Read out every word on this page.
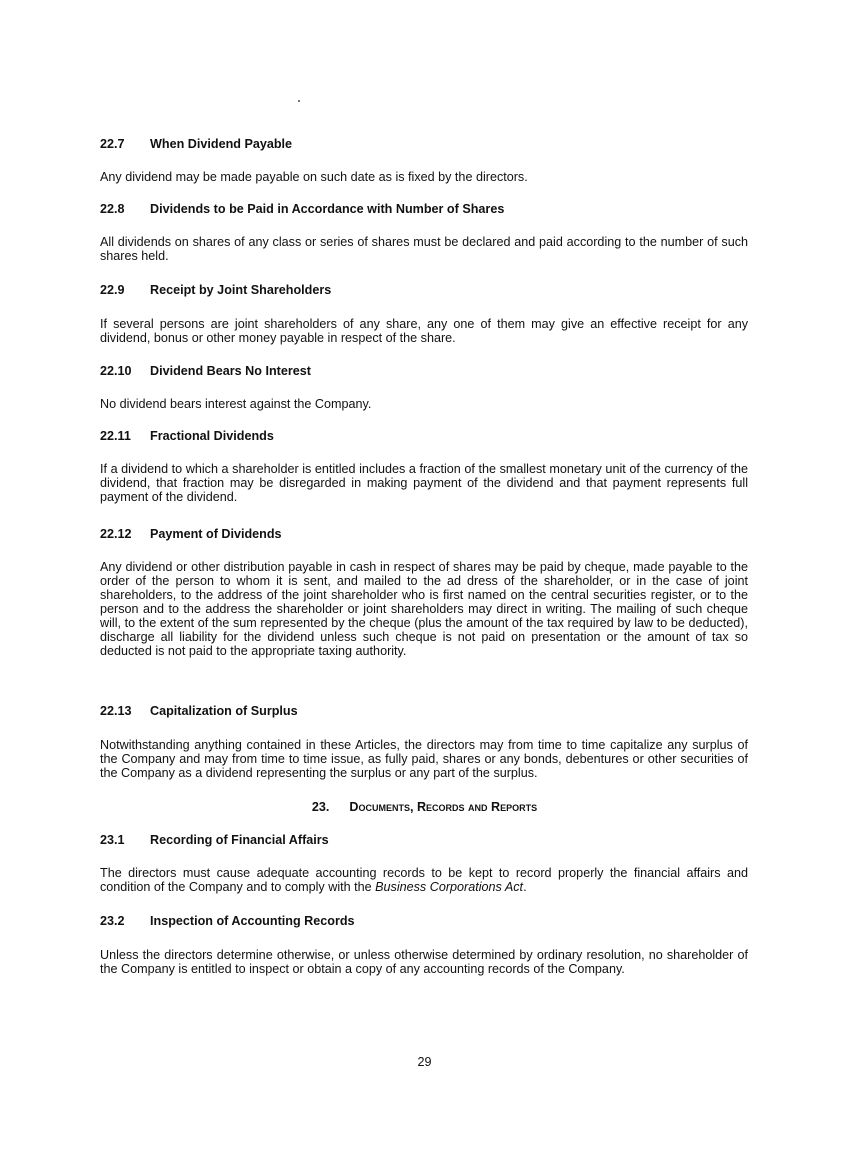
22.7 When Dividend Payable
Any dividend may be made payable on such date as is fixed by the directors.
22.8 Dividends to be Paid in Accordance with Number of Shares
All dividends on shares of any class or series of shares must be declared and paid according to the number of such shares held.
22.9 Receipt by Joint Shareholders
If several persons are joint shareholders of any share, any one of them may give an effective receipt for any dividend, bonus or other money payable in respect of the share.
22.10 Dividend Bears No Interest
No dividend bears interest against the Company.
22.11 Fractional Dividends
If a dividend to which a shareholder is entitled includes a fraction of the smallest monetary unit of the currency of the dividend, that fraction may be disregarded in making payment of the dividend and that payment represents full payment of the dividend.
22.12 Payment of Dividends
Any dividend or other distribution payable in cash in respect of shares may be paid by cheque, made payable to the order of the person to whom it is sent, and mailed to the ad dress of the shareholder, or in the case of joint shareholders, to the address of the joint shareholder who is first named on the central securities register, or to the person and to the address the shareholder or joint shareholders may direct in writing. The mailing of such cheque will, to the extent of the sum represented by the cheque (plus the amount of the tax required by law to be deducted), discharge all liability for the dividend unless such cheque is not paid on presentation or the amount of tax so deducted is not paid to the appropriate taxing authority.
22.13 Capitalization of Surplus
Notwithstanding anything contained in these Articles, the directors may from time to time capitalize any surplus of the Company and may from time to time issue, as fully paid, shares or any bonds, debentures or other securities of the Company as a dividend representing the surplus or any part of the surplus.
23. Documents, Records and Reports
23.1 Recording of Financial Affairs
The directors must cause adequate accounting records to be kept to record properly the financial affairs and condition of the Company and to comply with the Business Corporations Act.
23.2 Inspection of Accounting Records
Unless the directors determine otherwise, or unless otherwise determined by ordinary resolution, no shareholder of the Company is entitled to inspect or obtain a copy of any accounting records of the Company.
29
